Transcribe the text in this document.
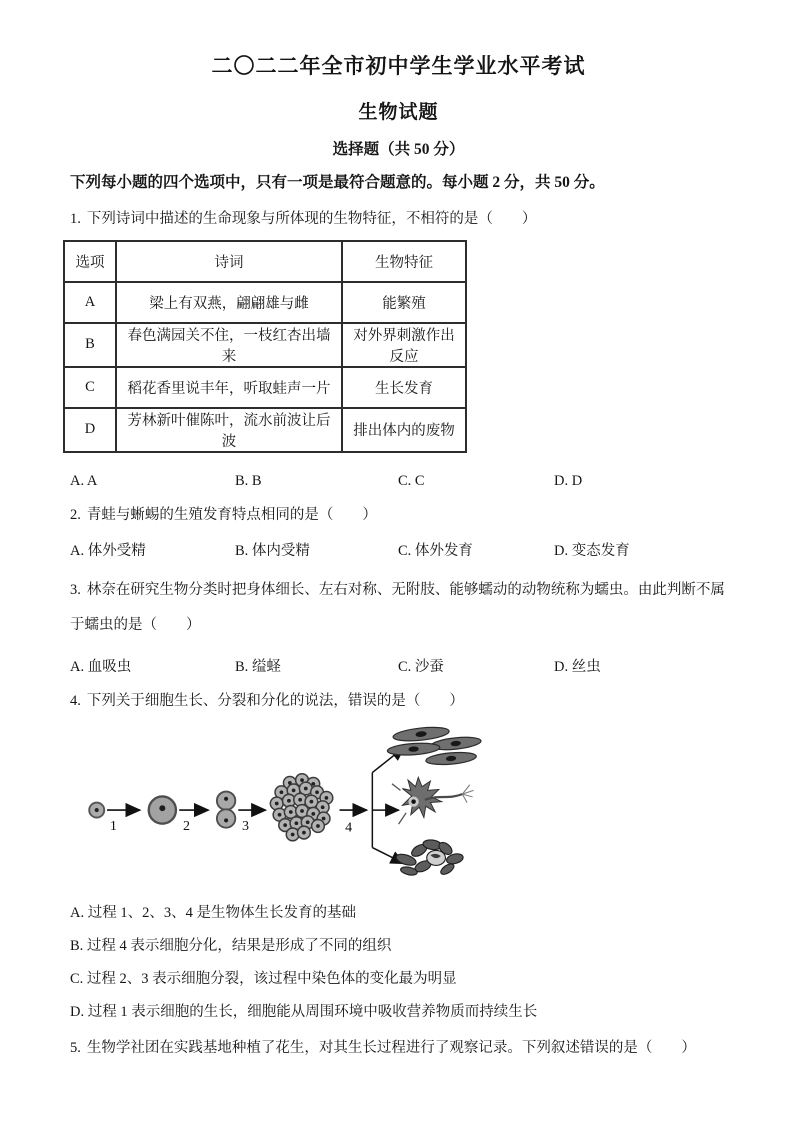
二〇二二年全市初中学生学业水平考试
生物试题
选择题（共 50 分）

下列每小题的四个选项中，只有一项是最符合题意的。每小题 2 分，共 50 分。

1. 下列诗词中描述的生命现象与所体现的生物特征，不相符的是（　　）

选项	诗词	生物特征
A	梁上有双燕，翩翩雄与雌	能繁殖
B	春色满园关不住，一枝红杏出墙来	对外界刺激作出反应
C	稻花香里说丰年，听取蛙声一片	生长发育
D	芳林新叶催陈叶，流水前波让后波	排出体内的废物
A. A	B. B	C. C	D. D

2. 青蛙与蜥蜴的生殖发育特点相同的是（　　）

A. 体外受精	B. 体内受精	C. 体外发育	D. 变态发育

3. 林奈在研究生物分类时把身体细长、左右对称、无附肢、能够蠕动的动物统称为蠕虫。由此判断不属于蠕虫的是（　　）

A. 血吸虫	B. 缢蛏	C. 沙蚕	D. 丝虫

4. 下列关于细胞生长、分裂和分化的说法，错误的是（　　）

1	2	3	4
A. 过程 1、2、3、4 是生物体生长发育的基础
B. 过程 4 表示细胞分化，结果是形成了不同的组织
C. 过程 2、3 表示细胞分裂，该过程中染色体的变化最为明显
D. 过程 1 表示细胞的生长，细胞能从周围环境中吸收营养物质而持续生长

5. 生物学社团在实践基地种植了花生，对其生长过程进行了观察记录。下列叙述错误的是（　　）
